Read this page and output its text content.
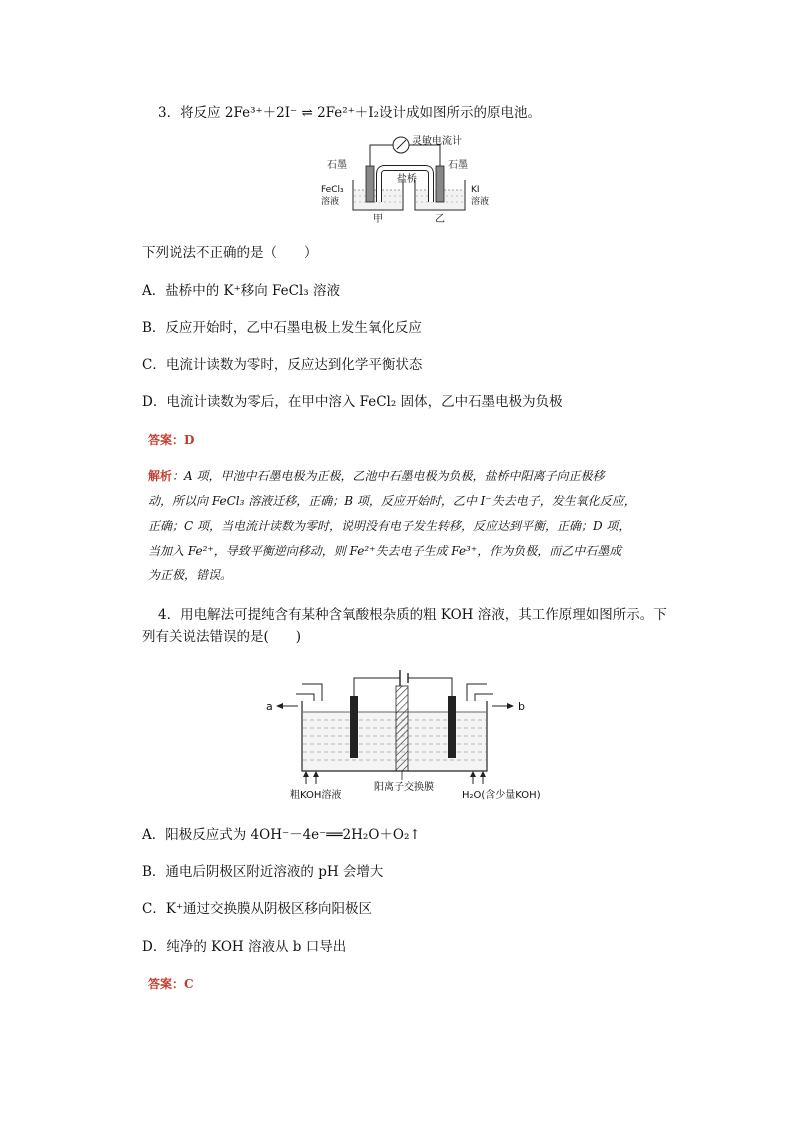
3．将反应 2Fe³⁺＋2I⁻ ⇌ 2Fe²⁺＋I₂设计成如图所示的原电池。
灵敏电流计
石墨	石墨
盐桥
FeCl₃
溶液
KI
溶液
甲	乙
下列说法不正确的是（　　）
A．盐桥中的 K⁺移向 FeCl₃ 溶液
B．反应开始时，乙中石墨电极上发生氧化反应
C．电流计读数为零时，反应达到化学平衡状态
D．电流计读数为零后，在甲中溶入 FeCl₂ 固体，乙中石墨电极为负极
答案：D
解析：A 项，甲池中石墨电极为正极，乙池中石墨电极为负极，盐桥中阳离子向正极移
动，所以向 FeCl₃ 溶液迁移，正确；B 项，反应开始时，乙中 I⁻失去电子，发生氧化反应，
正确；C 项，当电流计读数为零时，说明没有电子发生转移，反应达到平衡，正确；D 项，
当加入 Fe²⁺，导致平衡逆向移动，则 Fe²⁺失去电子生成 Fe³⁺，作为负极，而乙中石墨成
为正极，错误。
4．用电解法可提纯含有某种含氧酸根杂质的粗 KOH 溶液，其工作原理如图所示。下
列有关说法错误的是(　　)
a	b
粗KOH溶液
阳离子交换膜
H₂O(含少量KOH)
A．阳极反应式为 4OH⁻－4e⁻══2H₂O＋O₂↑
B．通电后阴极区附近溶液的 pH 会增大
C．K⁺通过交换膜从阴极区移向阳极区
D．纯净的 KOH 溶液从 b 口导出
答案：C
